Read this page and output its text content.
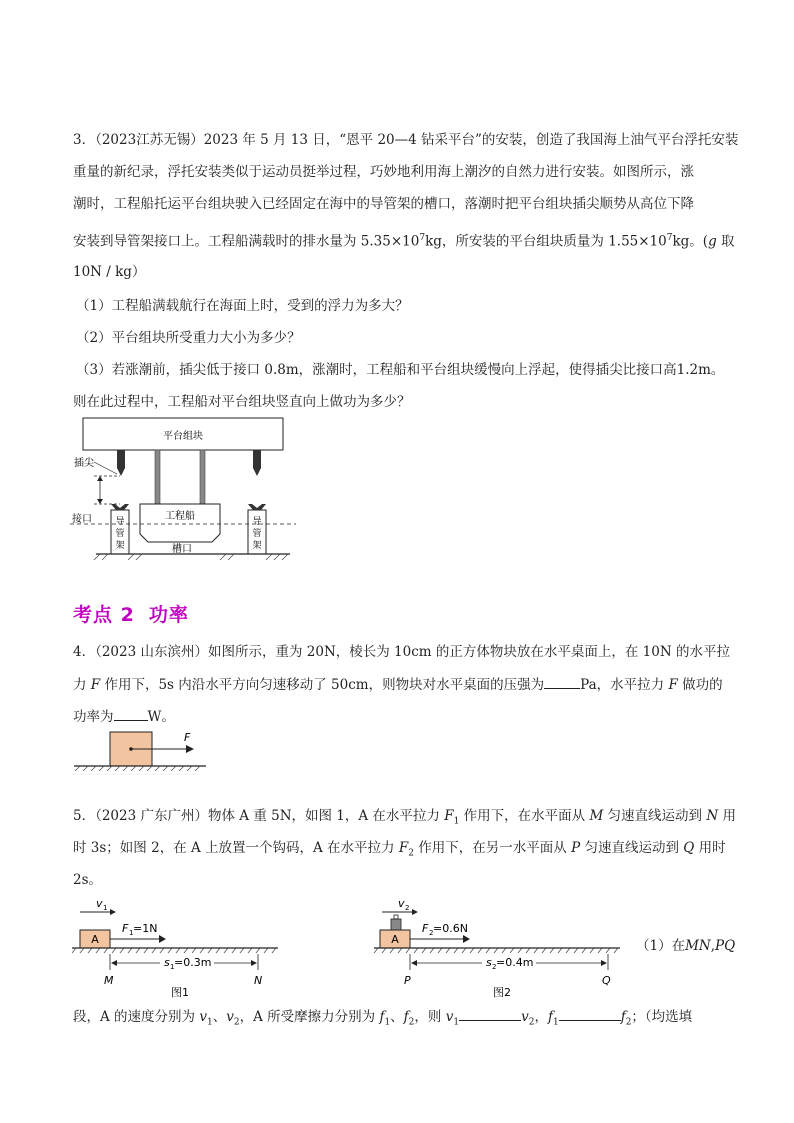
3．（2023江苏无锡）2023 年 5 月 13 日，“恩平 20—4 钻采平台”的安装，创造了我国海上油气平台浮托安装
重量的新纪录，浮托安装类似于运动员挺举过程，巧妙地利用海上潮汐的自然力进行安装。如图所示，涨
潮时，工程船托运平台组块驶入已经固定在海中的导管架的槽口，落潮时把平台组块插尖顺势从高位下降
安装到导管架接口上。工程船满载时的排水量为 $5.35\times 10^7kg$，所安装的平台组块质量为 $1.55\times 10^7kg$。(g 取
10N / kg）
（1）工程船满载航行在海面上时，受到的浮力为多大？
（2）平台组块所受重力大小为多少？
（3）若涨潮前，插尖低于接口 0.8m，涨潮时，工程船和平台组块缓慢向上浮起，使得插尖比接口高1.2m。
则在此过程中，工程船对平台组块竖直向上做功为多少？
平台组块
工程船
导
管
架
导
管
架
槽口
插尖
接口
考点 2 功率
4．（2023 山东滨州）如图所示，重为 20N，棱长为 10cm 的正方体物块放在水平桌面上，在 10N 的水平拉
力 F 作用下，5s 内沿水平方向匀速移动了 50cm，则物块对水平桌面的压强为	Pa，水平拉力 F 做功的
功率为	W。
F
5．（2023 广东广州）物体 A 重 5N，如图 1，A 在水平拉力 $F_1$ 作用下，在水平面从 M 匀速直线运动到 N 用
时 3s；如图 2，在 A 上放置一个钩码，A 在水平拉力 $F_2$ 作用下，在另一水平面从 P 匀速直线运动到 Q 用时
2s。
v 1
A
F 1 =1N
s 1 =0.3m
M	N
图1
v 2
A
F 2 =0.6N
s 2 =0.4m
P	Q
图2
（1）在MN,PQ
段，A 的速度分别为 $v_1$、$v_2$，A 所受摩擦力分别为 $f_1$、$f_2$，则 $v_1$	$v_2$，$f_1$	$f_2$；（均选填
